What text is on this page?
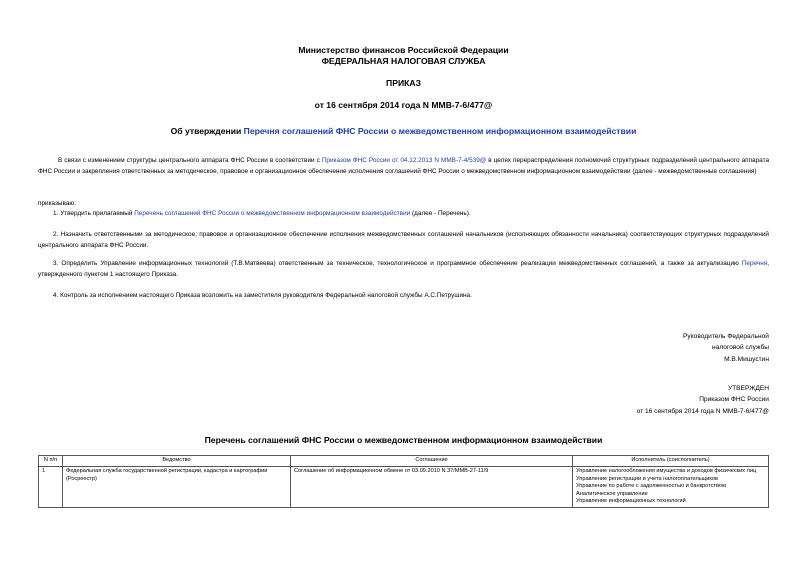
Министерство финансов Российской Федерации
ФЕДЕРАЛЬНАЯ НАЛОГОВАЯ СЛУЖБА
ПРИКАЗ
от 16 сентября 2014 года N ММВ-7-6/477@
Об утверждении Перечня соглашений ФНС России о межведомственном информационном взаимодействии
В связи с изменением структуры центрального аппарата ФНС России в соответствии с Приказом ФНС России от 04.12.2013 N ММВ-7-4/539@ в целях перераспределения полномочий структурных подразделений центрального аппарата ФНС России и закрепления ответственных за методическое, правовое и организационное обеспечение исполнения соглашений ФНС России о межведомственном информационном взаимодействии (далее - межведомственные соглашения)
приказываю:
1. Утвердить прилагаемый Перечень соглашений ФНС России о межведомственном информационном взаимодействии (далее - Перечень).
2. Назначить ответственными за методическое, правовое и организационное обеспечение исполнения межведомственных соглашений начальников (исполняющих обязанности начальника) соответствующих структурных подразделений центрального аппарата ФНС России.
3. Определить Управление информационных технологий (Т.В.Матвеева) ответственным за техническое, технологическое и программное обеспечение реализации межведомственных соглашений, а также за актуализацию Перечня, утвержденного пунктом 1 настоящего Приказа.
4. Контроль за исполнением настоящего Приказа возложить на заместителя руководителя Федеральной налоговой службы А.С.Петрушина.
Руководитель Федеральной
налоговой службы
М.В.Мишустин
УТВЕРЖДЕН
Приказом ФНС России
от 16 сентября 2014 года N ММВ-7-6/477@
Перечень соглашений ФНС России о межведомственном информационном взаимодействии
N п/п	Ведомство	Соглашение	Исполнитель (соисполнитель)
1	Федеральная служба государственной регистрации, кадастра и картографии (Росреестр)	Соглашение об информационном обмене от 03.09.2010 N 37/ММВ-27-11/9	Управление налогообложения имущества и доходов физических лиц
Управление регистрации и учета налогоплательщиков
Управление по работе с задолженностью и банкротством
Аналитическое управление
Управление информационных технологий
